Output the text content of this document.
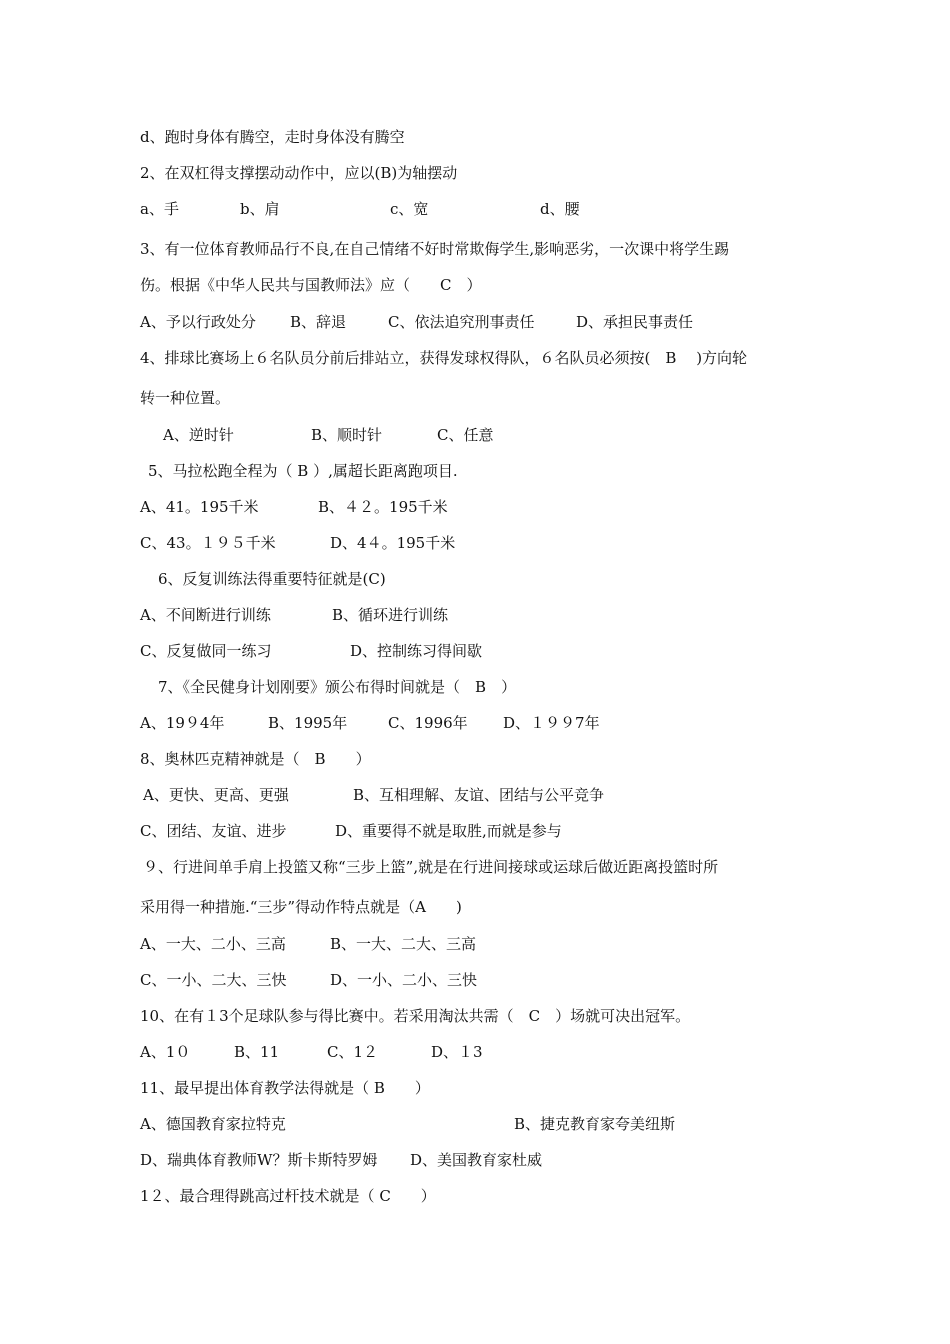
d、跑时身体有腾空，走时身体没有腾空
2、在双杠得支撑摆动动作中，应以(B)为轴摆动
a、手	b、肩	c、宽	d、腰
3、有一位体育教师品行不良,在自己情绪不好时常欺侮学生,影响恶劣，一次课中将学生踢
伤。根据《中华人民共与国教师法》应（　　C　）
A、予以行政处分 B、辞退	C、依法追究刑事责任	D、承担民事责任
4、排球比赛场上６名队员分前后排站立，获得发球权得队，６名队员必须按(　B　 )方向轮
转一种位置。
A、逆时针	B、顺时针	C、任意
5、马拉松跑全程为（ B ）,属超长距离跑项目.
A、41。195千米	B、４２。195千米
C、43。１９５千米	D、4４。195千米
6、反复训练法得重要特征就是(C)
A、不间断进行训练	B、循环进行训练
C、反复做同一练习	D、控制练习得间歇
7、《全民健身计划刚要》颁公布得时间就是（　B　）
A、19９4年	B、1995年	C、1996年 D、１９９7年
8、奥林匹克精神就是（　B　　）
A、更快、更高、更强	B、互相理解、友谊、团结与公平竞争
C、团结、友谊、进步	D、重要得不就是取胜,而就是参与
９、行进间单手肩上投篮又称“三步上篮”,就是在行进间接球或运球后做近距离投篮时所
采用得一种措施.“三步”得动作特点就是（A　　)
A、一大、二小、三高	B、一大、二大、三高
C、一小、二大、三快	D、一小、二小、三快
10、在有１3个足球队参与得比赛中。若采用淘汰共需（　C　）场就可决出冠军。
A、1０	B、11	C、1２	D、１3
11、最早提出体育教学法得就是（ B　　）
A、德国教育家拉特克	B、捷克教育家夸美纽斯
D、瑞典体育教师W？斯卡斯特罗姆 D、美国教育家杜威
1２、最合理得跳高过杆技术就是（ C　　）
